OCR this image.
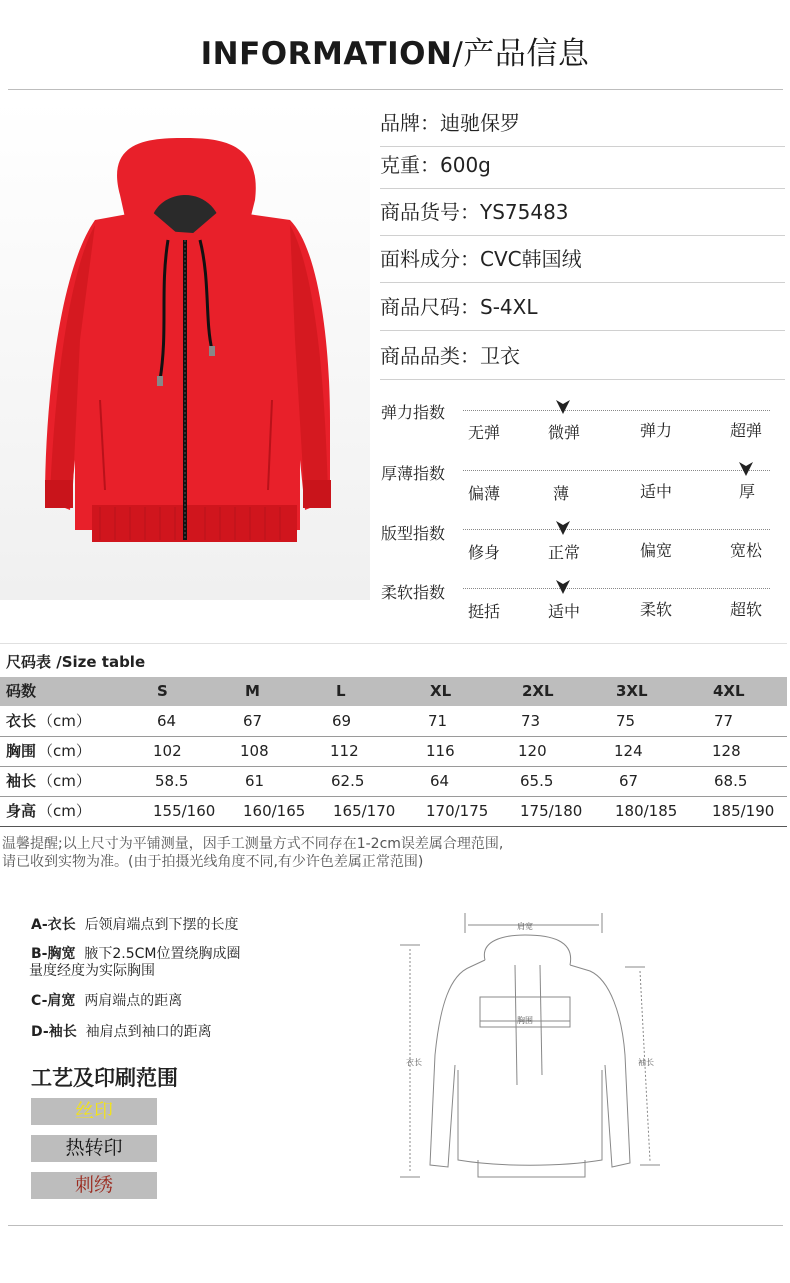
INFORMATION/产品信息
品牌：迪驰保罗
克重：600g
商品货号：YS75483
面料成分：CVC韩国绒
商品尺码：S-4XL
商品品类：卫衣
弹力指数
无弹	微弹	弹力	超弹
厚薄指数
偏薄	薄	适中	厚
版型指数
修身	正常	偏宽	宽松
柔软指数
挺括	适中	柔软	超软
尺码表 /Size table
码数	S	M	L	XL	2XL	3XL	4XL
衣长 （cm）	64	67	69	71	73	75	77
胸围 （cm）	102	108	112	116	120	124	128
袖长 （cm）	58.5	61	62.5	64	65.5	67	68.5
身高 （cm）	155/160 160/165 165/170 170/175 175/180 180/185 185/190
温馨提醒;以上尺寸为平铺测量，因手工测量方式不同存在1-2cm误差属合理范围,
请已收到实物为准。(由于拍摄光线角度不同,有少许色差属正常范围)
A-衣长 后领肩端点到下摆的长度
B-胸宽 腋下2.5CM位置绕胸成圈
量度经度为实际胸围
C-肩宽 两肩端点的距离
D-袖长 袖肩点到袖口的距离
工艺及印刷范围
丝印
热转印
刺绣
肩宽
胸围
衣长	袖长
